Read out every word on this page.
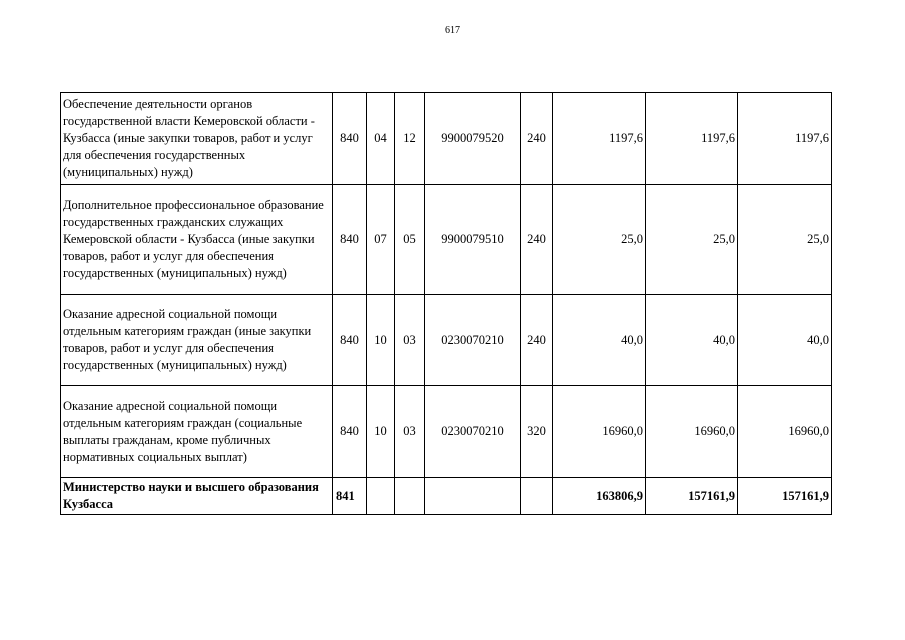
617
Обеспечение деятельности органов государственной власти Кемеровской области - Кузбасса (иные закупки товаров, работ и услуг для обеспечения государственных (муниципальных) нужд)	840	04	12	9900079520	240	1197,6	1197,6	1197,6
Дополнительное профессиональное образование государственных гражданских служащих Кемеровской области - Кузбасса (иные закупки товаров, работ и услуг для обеспечения государственных (муниципальных) нужд)	840	07	05	9900079510	240	25,0	25,0	25,0
Оказание адресной социальной помощи отдельным категориям граждан (иные закупки товаров, работ и услуг для обеспечения государственных (муниципальных) нужд)	840	10	03	0230070210	240	40,0	40,0	40,0
Оказание адресной социальной помощи отдельным категориям граждан (социальные выплаты гражданам, кроме публичных нормативных социальных выплат)	840	10	03	0230070210	320	16960,0	16960,0	16960,0
Министерство науки и высшего образования Кузбасса	841					163806,9	157161,9	157161,9
